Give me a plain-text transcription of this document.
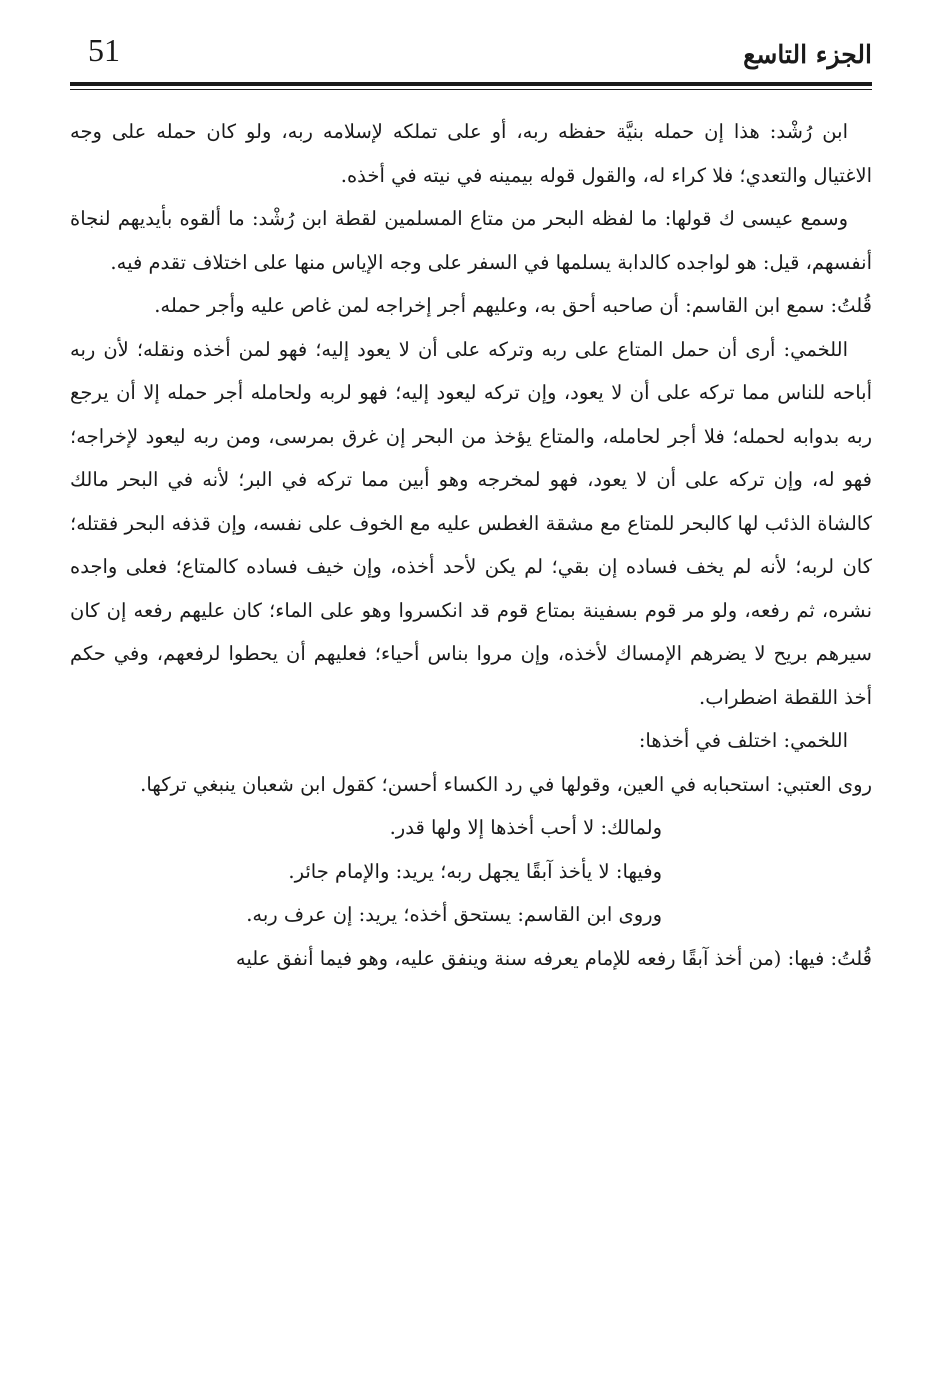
51	الجزء التاسع

ابن رُشْد: هذا إن حمله بنيَّة حفظه ربه، أو على تملكه لإسلامه ربه، ولو كان حمله على وجه الاغتيال والتعدي؛ فلا كراء له، والقول قوله بيمينه في نيته في أخذه.

وسمع عيسى ك قولها: ما لفظه البحر من متاع المسلمين لقطة ابن رُشْد: ما ألقوه بأيديهم لنجاة أنفسهم، قيل: هو لواجده كالدابة يسلمها في السفر على وجه الإياس منها على اختلاف تقدم فيه.

قُلتُ: سمع ابن القاسم: أن صاحبه أحق به، وعليهم أجر إخراجه لمن غاص عليه وأجر حمله.

اللخمي: أرى أن حمل المتاع على ربه وتركه على أن لا يعود إليه؛ فهو لمن أخذه ونقله؛ لأن ربه أباحه للناس مما تركه على أن لا يعود، وإن تركه ليعود إليه؛ فهو لربه ولحامله أجر حمله إلا أن يرجع ربه بدوابه لحمله؛ فلا أجر لحامله، والمتاع يؤخذ من البحر إن غرق بمرسى، ومن ربه ليعود لإخراجه؛ فهو له، وإن تركه على أن لا يعود، فهو لمخرجه وهو أبين مما تركه في البر؛ لأنه في البحر مالك كالشاة الذئب لها كالبحر للمتاع مع مشقة الغطس عليه مع الخوف على نفسه، وإن قذفه البحر فقتله؛ كان لربه؛ لأنه لم يخف فساده إن بقي؛ لم يكن لأحد أخذه، وإن خيف فساده كالمتاع؛ فعلى واجده نشره، ثم رفعه، ولو مر قوم بسفينة بمتاع قوم قد انكسروا وهو على الماء؛ كان عليهم رفعه إن كان سيرهم بريح لا يضرهم الإمساك لأخذه، وإن مروا بناس أحياء؛ فعليهم أن يحطوا لرفعهم، وفي حكم أخذ اللقطة اضطراب.

اللخمي: اختلف في أخذها:

روى العتبي: استحبابه في العين، وقولها في رد الكساء أحسن؛ كقول ابن شعبان ينبغي تركها.

ولمالك: لا أحب أخذها إلا ولها قدر.

وفيها: لا يأخذ آبقًا يجهل ربه؛ يريد: والإمام جائر.

وروى ابن القاسم: يستحق أخذه؛ يريد: إن عرف ربه.

قُلتُ: فيها: (من أخذ آبقًا رفعه للإمام يعرفه سنة وينفق عليه، وهو فيما أنفق عليه
